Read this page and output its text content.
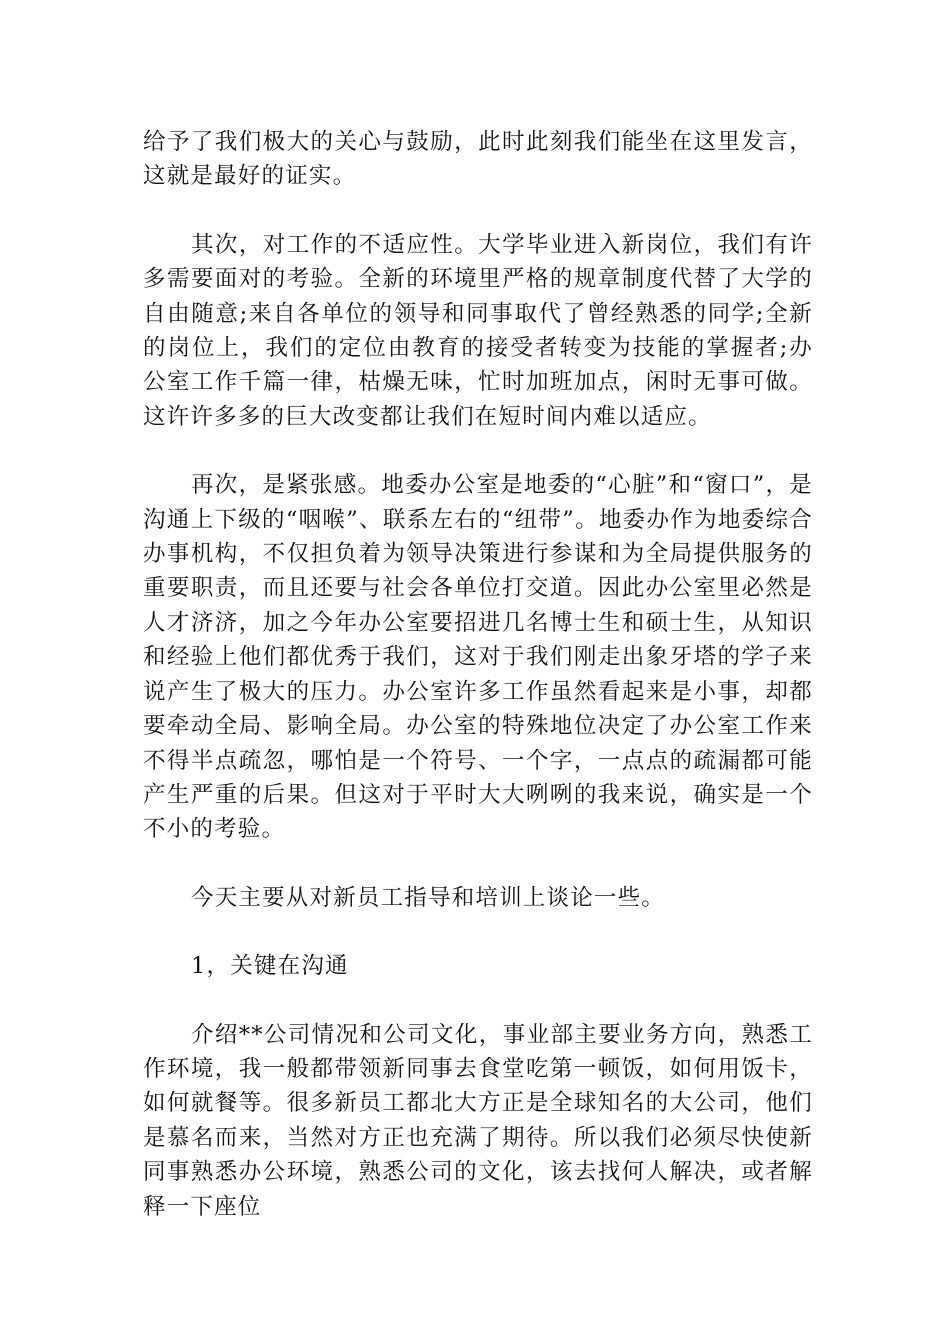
给予了我们极大的关心与鼓励，此时此刻我们能坐在这里发言，这就是最好的证实。

其次，对工作的不适应性。大学毕业进入新岗位，我们有许多需要面对的考验。全新的环境里严格的规章制度代替了大学的自由随意;来自各单位的领导和同事取代了曾经熟悉的同学;全新的岗位上，我们的定位由教育的接受者转变为技能的掌握者;办公室工作千篇一律，枯燥无味，忙时加班加点，闲时无事可做。这许许多多的巨大改变都让我们在短时间内难以适应。

再次，是紧张感。地委办公室是地委的“心脏”和“窗口”，是沟通上下级的“咽喉”、联系左右的“纽带”。地委办作为地委综合办事机构，不仅担负着为领导决策进行参谋和为全局提供服务的重要职责，而且还要与社会各单位打交道。因此办公室里必然是人才济济，加之今年办公室要招进几名博士生和硕士生，从知识和经验上他们都优秀于我们，这对于我们刚走出象牙塔的学子来说产生了极大的压力。办公室许多工作虽然看起来是小事，却都要牵动全局、影响全局。办公室的特殊地位决定了办公室工作来不得半点疏忽，哪怕是一个符号、一个字，一点点的疏漏都可能产生严重的后果。但这对于平时大大咧咧的我来说，确实是一个不小的考验。

今天主要从对新员工指导和培训上谈论一些。

1，关键在沟通

介绍**公司情况和公司文化，事业部主要业务方向，熟悉工作环境，我一般都带领新同事去食堂吃第一顿饭，如何用饭卡，如何就餐等。很多新员工都北大方正是全球知名的大公司，他们是慕名而来，当然对方正也充满了期待。所以我们必须尽快使新同事熟悉办公环境，熟悉公司的文化，该去找何人解决，或者解释一下座位
